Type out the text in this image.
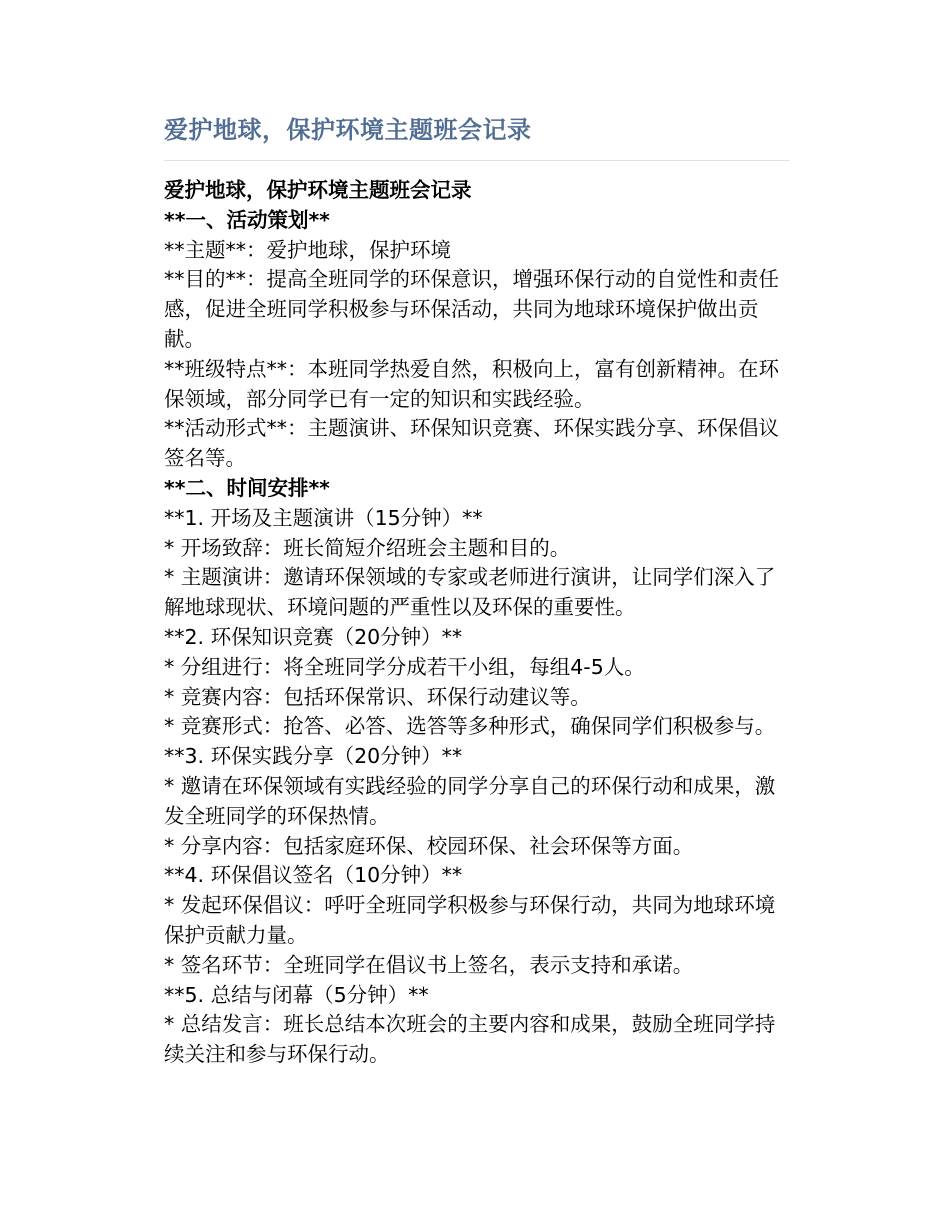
爱护地球，保护环境主题班会记录

爱护地球，保护环境主题班会记录

**一、活动策划**

**主题**：爱护地球，保护环境

**目的**：提高全班同学的环保意识，增强环保行动的自觉性和责任感，促进全班同学积极参与环保活动，共同为地球环境保护做出贡献。

**班级特点**：本班同学热爱自然，积极向上，富有创新精神。在环保领域，部分同学已有一定的知识和实践经验。

**活动形式**：主题演讲、环保知识竞赛、环保实践分享、环保倡议签名等。

**二、时间安排**

**1. 开场及主题演讲（15分钟）**

* 开场致辞：班长简短介绍班会主题和目的。

* 主题演讲：邀请环保领域的专家或老师进行演讲，让同学们深入了解地球现状、环境问题的严重性以及环保的重要性。

**2. 环保知识竞赛（20分钟）**

* 分组进行：将全班同学分成若干小组，每组4-5人。

* 竞赛内容：包括环保常识、环保行动建议等。

* 竞赛形式：抢答、必答、选答等多种形式，确保同学们积极参与。

**3. 环保实践分享（20分钟）**

* 邀请在环保领域有实践经验的同学分享自己的环保行动和成果，激发全班同学的环保热情。

* 分享内容：包括家庭环保、校园环保、社会环保等方面。

**4. 环保倡议签名（10分钟）**

* 发起环保倡议：呼吁全班同学积极参与环保行动，共同为地球环境保护贡献力量。

* 签名环节：全班同学在倡议书上签名，表示支持和承诺。

**5. 总结与闭幕（5分钟）**

* 总结发言：班长总结本次班会的主要内容和成果，鼓励全班同学持续关注和参与环保行动。
